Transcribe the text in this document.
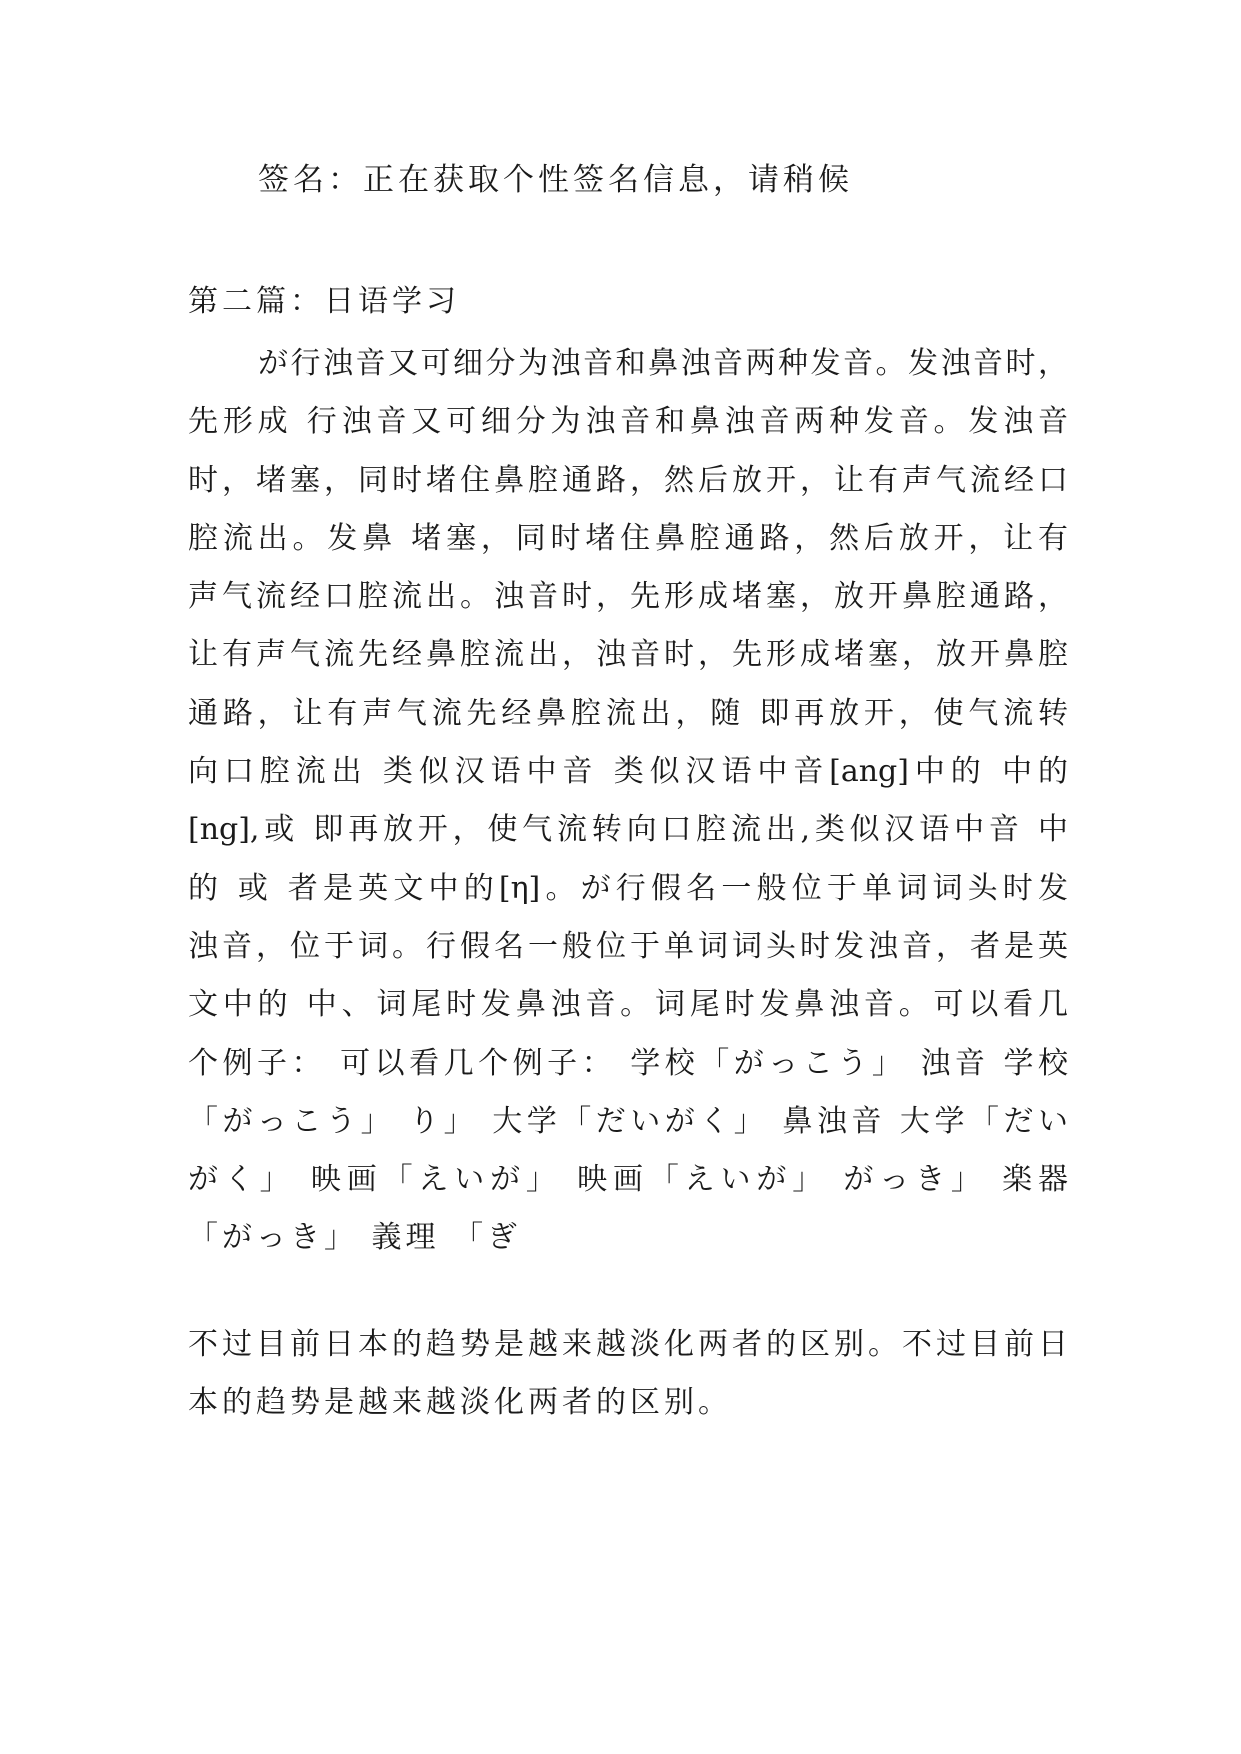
签名：正在获取个性签名信息，请稍候
第二篇：日语学习
が行浊音又可细分为浊音和鼻浊音两种发音。发浊音时，
先形成 行浊音又可细分为浊音和鼻浊音两种发音。发浊音
时，堵塞，同时堵住鼻腔通路，然后放开，让有声气流经口
腔流出。发鼻 堵塞，同时堵住鼻腔通路，然后放开，让有
声气流经口腔流出。浊音时，先形成堵塞，放开鼻腔通路，
让有声气流先经鼻腔流出，浊音时，先形成堵塞，放开鼻腔
通路，让有声气流先经鼻腔流出，随 即再放开，使气流转
向口腔流出 类似汉语中音 类似汉语中音[ang]中的 中的
[ng],或 即再放开，使气流转向口腔流出,类似汉语中音 中
的 或 者是英文中的[η]。が行假名一般位于单词词头时发
浊音，位于词。行假名一般位于单词词头时发浊音，者是英
文中的 中、词尾时发鼻浊音。词尾时发鼻浊音。可以看几
个例子： 可以看几个例子： 学校「がっこう」 浊音 学校
「がっこう」 り」 大学「だいがく」 鼻浊音 大学「だい
がく」 映画「えいが」 映画「えいが」 がっき」 楽器
「がっき」 義理 「ぎ
不过目前日本的趋势是越来越淡化两者的区别。不过目前日
本的趋势是越来越淡化两者的区别。
